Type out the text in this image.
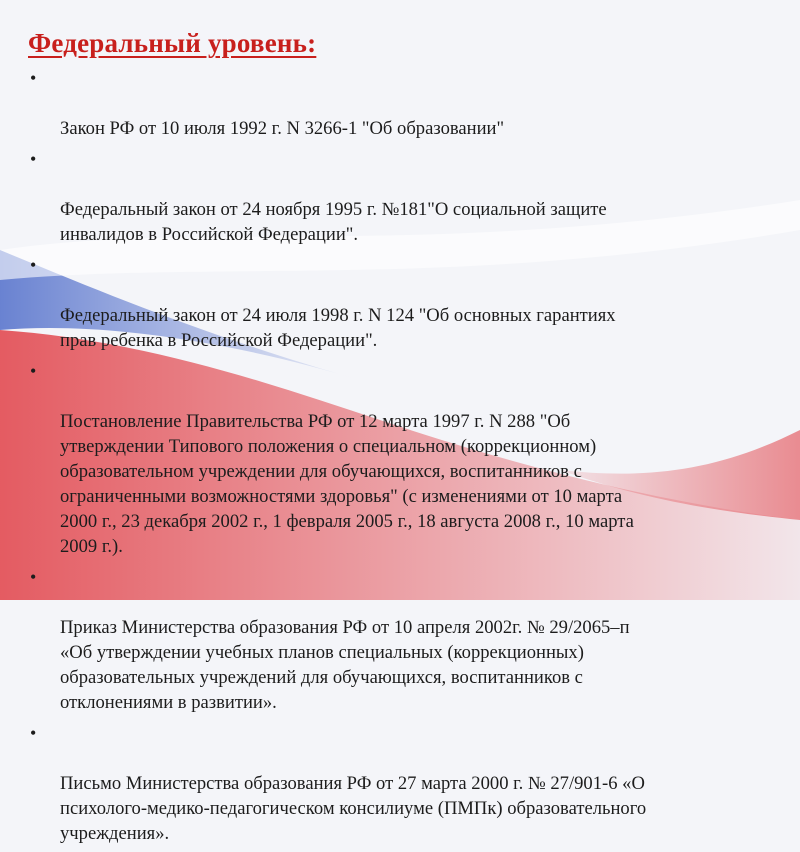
Федеральный уровень:

•

Закон РФ от 10 июля 1992 г. N 3266-1 "Об образовании"

•

Федеральный закон от 24 ноября 1995 г. №181"О социальной защите
инвалидов в Российской Федерации".

•

Федеральный закон от 24 июля 1998 г. N 124 "Об основных гарантиях
прав ребенка в Российской Федерации".

•

Постановление Правительства РФ от 12 марта 1997 г. N 288 "Об
утверждении Типового положения о специальном (коррекционном)
образовательном учреждении для обучающихся, воспитанников с
ограниченными возможностями здоровья" (с изменениями от 10 марта
2000 г., 23 декабря 2002 г., 1 февраля 2005 г., 18 августа 2008 г., 10 марта
2009 г.).

•

Приказ Министерства образования РФ от 10 апреля 2002г. № 29/2065–п
«Об утверждении учебных планов специальных (коррекционных)
образовательных учреждений для обучающихся, воспитанников с
отклонениями в развитии».

•

Письмо Министерства образования РФ от 27 марта 2000 г. № 27/901-6 «О
психолого-медико-педагогическом консилиуме (ПМПк) образовательного
учреждения».
